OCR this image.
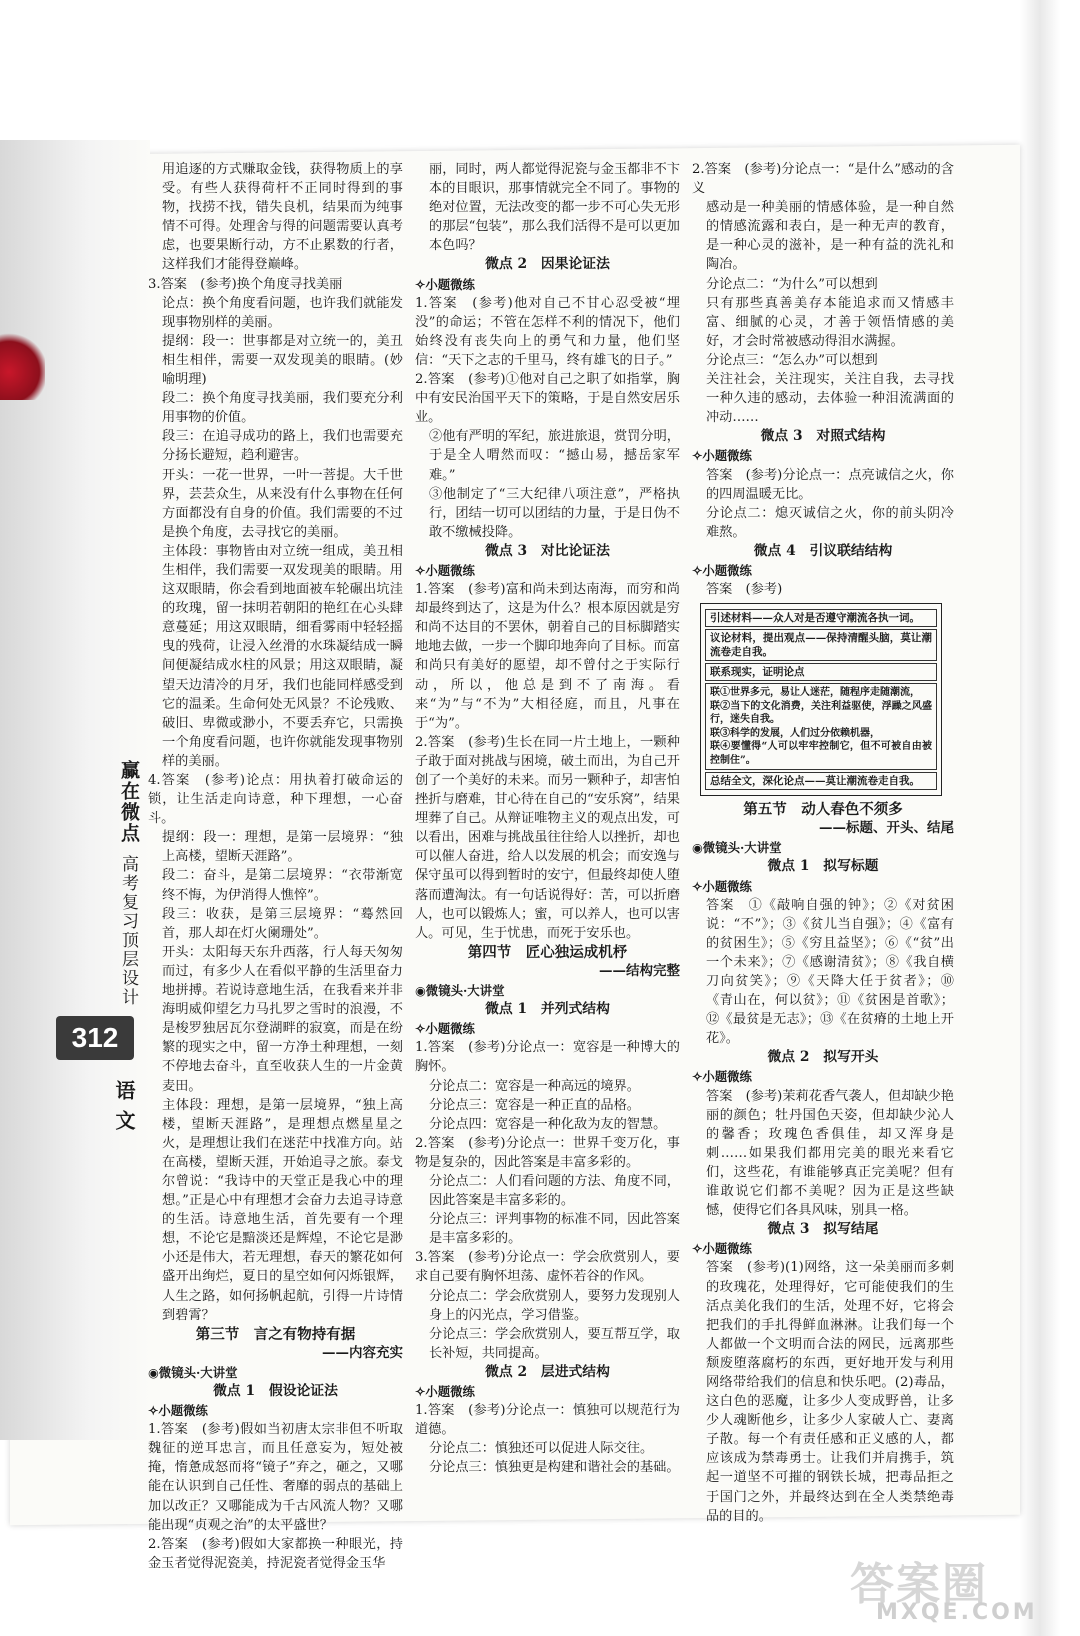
赢在微点
高考复习顶层设计
312
语文

用追逐的方式赚取金钱，获得物质上的享受。有些人获得荷杆不正同时得到的事物，找捞不找，错失良机，结果而为纯事情不可得。处理舍与得的问题需要认真考虑，也要果断行动，方不止累数的行者，这样我们才能得登巅峰。

3.答案　(参考)换个角度寻找美丽

论点：换个角度看问题，也许我们就能发现事物别样的美丽。

提纲：段一：世事都是对立统一的，美丑相生相伴，需要一双发现美的眼睛。(妙喻明理)

段二：换个角度寻找美丽，我们要充分利用事物的价值。

段三：在追寻成功的路上，我们也需要充分扬长避短，趋利避害。

开头：一花一世界，一叶一菩提。大千世界，芸芸众生，从来没有什么事物在任何方面都没有自身的价值。我们需要的不过是换个角度，去寻找它的美丽。

主体段：事物皆由对立统一组成，美丑相生相伴，我们需要一双发现美的眼睛。用这双眼睛，你会看到地面被车轮碾出坑洼的玫瑰，留一抹明若朝阳的艳红在心头肆意蔓延；用这双眼睛，细看雾雨中轻轻摇曳的残荷，让浸入丝滑的水珠凝结成一瞬间便凝结成水柱的风景；用这双眼睛，凝望天边清冷的月牙，我们也能同样感受到它的温柔。生命何处无风景？不论残败、破旧、卑微或渺小，不要丢弃它，只需换一个角度看问题，也许你就能发现事物别样的美丽。

4.答案　(参考)论点：用执着打破命运的锁，让生活走向诗意，种下理想，一心奋斗。

提纲：段一：理想，是第一层境界：“独上高楼，望断天涯路”。

段二：奋斗，是第二层境界：“衣带渐宽终不悔，为伊消得人憔悴”。

段三：收获，是第三层境界：“蓦然回首，那人却在灯火阑珊处”。

开头：太阳每天东升西落，行人每天匆匆而过，有多少人在看似平静的生活里奋力地拼搏。若说诗意地生活，在我看来并非海明威仰望乞力马扎罗之雪时的浪漫，不是梭罗独居瓦尔登湖畔的寂寞，而是在纷繁的现实之中，留一方净土种理想，一刻不停地去奋斗，直至收获人生的一片金黄麦田。

主体段：理想，是第一层境界，“独上高楼，望断天涯路”，是理想点燃星星之火，是理想让我们在迷茫中找准方向。站在高楼，望断天涯，开始追寻之旅。泰戈尔曾说：“我诗中的天堂正是我心中的理想。”正是心中有理想才会奋力去追寻诗意的生活。诗意地生活，首先要有一个理想，不论它是黯淡还是辉煌，不论它是渺小还是伟大，若无理想，春天的繁花如何盛开出绚烂，夏日的星空如何闪烁银辉，人生之路，如何扬帆起航，引得一片诗情到碧霄？

第三节　言之有物持有据

——内容充实

◉微镜头·大讲堂

微点 1　假设论证法

✧小题微练

1.答案　(参考)假如当初唐太宗非但不听取魏征的逆耳忠言，而且任意妄为，短处被掩，惰惫成怒而将“镜子”弃之，砸之，又哪能在认识到自己任性、奢靡的弱点的基础上加以改正？又哪能成为千古风流人物？又哪能出现“贞观之治”的太平盛世？

2.答案　(参考)假如大家都换一种眼光，持金玉者觉得泥瓷美，持泥瓷者觉得金玉华

丽，同时，两人都觉得泥瓷与金玉都非不卞本的目眼识，那事情就完全不同了。事物的绝对位置，无法改变的都一步不可心失无形的那层“包装”，那么我们活得不是可以更加本色吗？

微点 2　因果论证法

✧小题微练

1.答案　(参考)他对自己不甘心忍受被“埋没”的命运；不管在怎样不利的情况下，他们始终没有丧失向上的勇气和力量，他们坚信：“天下之志的千里马，终有雄飞的日子。”

2.答案　(参考)①他对自己之职了如指掌，胸中有安民治国平天下的策略，于是自然安居乐业。

②他有严明的军纪，旅进旅退，赏罚分明，于是全人喟然而叹：“撼山易，撼岳家军难。”

③他制定了“三大纪律八项注意”，严格执行，团结一切可以团结的力量，于是日伪不敢不缴械投降。

微点 3　对比论证法

✧小题微练

1.答案　(参考)富和尚未到达南海，而穷和尚却最终到达了，这是为什么？根本原因就是穷和尚不达目的不罢休，朝着自己的目标脚踏实地地去做，一步一个脚印地奔向了目标。而富和尚只有美好的愿望，却不曾付之于实际行动，所以，他总是到不了南海。看来“为”与“不为”大相径庭，而且，凡事在于“为”。

2.答案　(参考)生长在同一片土地上，一颗种子敢于面对挑战与困境，破土而出，为自己开创了一个美好的未来。而另一颗种子，却害怕挫折与磨难，甘心待在自己的“安乐窝”，结果埋葬了自己。从辩证唯物主义的观点出发，可以看出，困难与挑战虽往往给人以挫折，却也可以催人奋进，给人以发展的机会；而安逸与保守虽可以得到暂时的安宁，但最终却使人堕落而遭淘汰。有一句话说得好：苦，可以折磨人，也可以锻炼人；蜜，可以养人，也可以害人。可见，生于忧患，而死于安乐也。

第四节　匠心独运成机杼

——结构完整

◉微镜头·大讲堂

微点 1　并列式结构

✧小题微练

1.答案　(参考)分论点一：宽容是一种博大的胸怀。

分论点二：宽容是一种高远的境界。

分论点三：宽容是一种正直的品格。

分论点四：宽容是一种化敌为友的智慧。

2.答案　(参考)分论点一：世界千变万化，事物是复杂的，因此答案是丰富多彩的。

分论点二：人们看问题的方法、角度不同，因此答案是丰富多彩的。

分论点三：评判事物的标准不同，因此答案是丰富多彩的。

3.答案　(参考)分论点一：学会欣赏别人，要求自己要有胸怀坦荡、虚怀若谷的作风。

分论点二：学会欣赏别人，要努力发现别人身上的闪光点，学习借鉴。

分论点三：学会欣赏别人，要互帮互学，取长补短，共同提高。

微点 2　层进式结构

✧小题微练

1.答案　(参考)分论点一：慎独可以规范行为道德。

分论点二：慎独还可以促进人际交往。

分论点三：慎独更是构建和谐社会的基础。

2.答案　(参考)分论点一：“是什么”感动的含义

感动是一种美丽的情感体验，是一种自然的情感流露和表白，是一种无声的教育，是一种心灵的滋补，是一种有益的洗礼和陶冶。

分论点二：“为什么”可以想到

只有那些真善美存本能追求而又情感丰富、细腻的心灵，才善于领悟情感的美好，才会时常被感动得泪水满握。

分论点三：“怎么办”可以想到

关注社会，关注现实，关注自我，去寻找一种久违的感动，去体验一种泪流满面的冲动……

微点 3　对照式结构

✧小题微练

答案　(参考)分论点一：点亮诚信之火，你的四周温暖无比。

分论点二：熄灭诚信之火，你的前头阴冷难熬。

微点 4　引议联结结构

✧小题微练

答案　(参考)

引述材料——众人对是否遵守潮流各执一词。
议论材料，提出观点——保持清醒头脑，莫让潮流卷走自我。
联系现实，证明论点
联①世界多元，易让人迷茫，随程序走随潮流，
联②当下的文化消费，关注利益驱使，浮躁之风盛行，迷失自我。
联③科学的发展，人们过分依赖机器，
联④要懂得“人可以牢牢控制它，但不可被自由被控制住”。
总结全文，深化论点——莫让潮流卷走自我。

第五节　动人春色不须多

——标题、开头、结尾

◉微镜头·大讲堂

微点 1　拟写标题

✧小题微练

答案　①《敲响自强的钟》；②《对贫困说：“不”》；③《贫儿当自强》；④《富有的贫困生》；⑤《穷且益坚》；⑥《“贫”出一个未来》；⑦《感谢清贫》；⑧《我自横刀向贫笑》；⑨《天降大任于贫者》；⑩《青山在，何以贫》；⑪《贫困是首歌》；⑫《最贫是无志》；⑬《在贫瘠的土地上开花》。

微点 2　拟写开头

✧小题微练

答案　(参考)茉莉花香气袭人，但却缺少艳丽的颜色；牡丹国色天姿，但却缺少沁人的馨香；玫瑰色香俱佳，却又浑身是刺……如果我们都用完美的眼光来看它们，这些花，有谁能够真正完美呢？但有谁敢说它们都不美呢？因为正是这些缺憾，使得它们各具风味，别具一格。

微点 3　拟写结尾

✧小题微练

答案　(参考)(1)网络，这一朵美丽而多刺的玫瑰花，处理得好，它可能使我们的生活点美化我们的生活，处理不好，它将会把我们的手扎得鲜血淋淋。让我们每一个人都做一个文明而合法的网民，远离那些颓废堕落腐朽的东西，更好地开发与利用网络带给我们的信息和快乐吧。(2)毒品，这白色的恶魔，让多少人变成野兽，让多少人魂断他乡，让多少人家破人亡、妻离子散。每一个有责任感和正义感的人，都应该成为禁毒勇士。让我们并肩携手，筑起一道坚不可摧的钢铁长城，把毒品拒之于国门之外，并最终达到在全人类禁绝毒品的目的。

答案圈
MXQE.COM
